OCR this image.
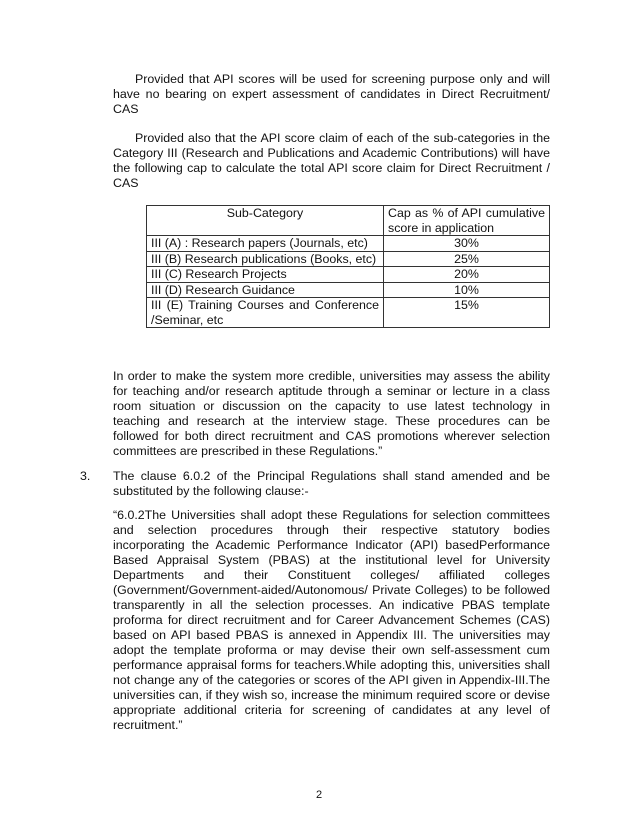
Provided that API scores will be used for screening purpose only and will have no bearing on expert assessment of candidates in Direct Recruitment/ CAS
Provided also that the API score claim of each of the sub-categories in the Category III (Research and Publications and Academic Contributions) will have the following cap to calculate the total API score claim for Direct Recruitment / CAS
Sub-Category	Cap as % of API cumulative score in application
III (A) : Research papers (Journals, etc)	30%
III (B) Research publications (Books, etc)	25%
III (C) Research Projects	20%
III (D) Research Guidance	10%
III (E) Training Courses and Conference /Seminar, etc	15%
In order to make the system more credible, universities may assess the ability for teaching and/or research aptitude through a seminar or lecture in a class room situation or discussion on the capacity to use latest technology in teaching and research at the interview stage. These procedures can be followed for both direct recruitment and CAS promotions wherever selection committees are prescribed in these Regulations.”
3. The clause 6.0.2 of the Principal Regulations shall stand amended and be substituted by the following clause:-
“6.0.2The Universities shall adopt these Regulations for selection committees and selection procedures through their respective statutory bodies incorporating the Academic Performance Indicator (API) basedPerformance Based Appraisal System (PBAS) at the institutional level for University Departments and their Constituent colleges/ affiliated colleges (Government/Government-aided/Autonomous/ Private Colleges) to be followed transparently in all the selection processes. An indicative PBAS template proforma for direct recruitment and for Career Advancement Schemes (CAS) based on API based PBAS is annexed in Appendix III. The universities may adopt the template proforma or may devise their own self-assessment cum performance appraisal forms for teachers.While adopting this, universities shall not change any of the categories or scores of the API given in Appendix-III.The universities can, if they wish so, increase the minimum required score or devise appropriate additional criteria for screening of candidates at any level of recruitment.”
2
